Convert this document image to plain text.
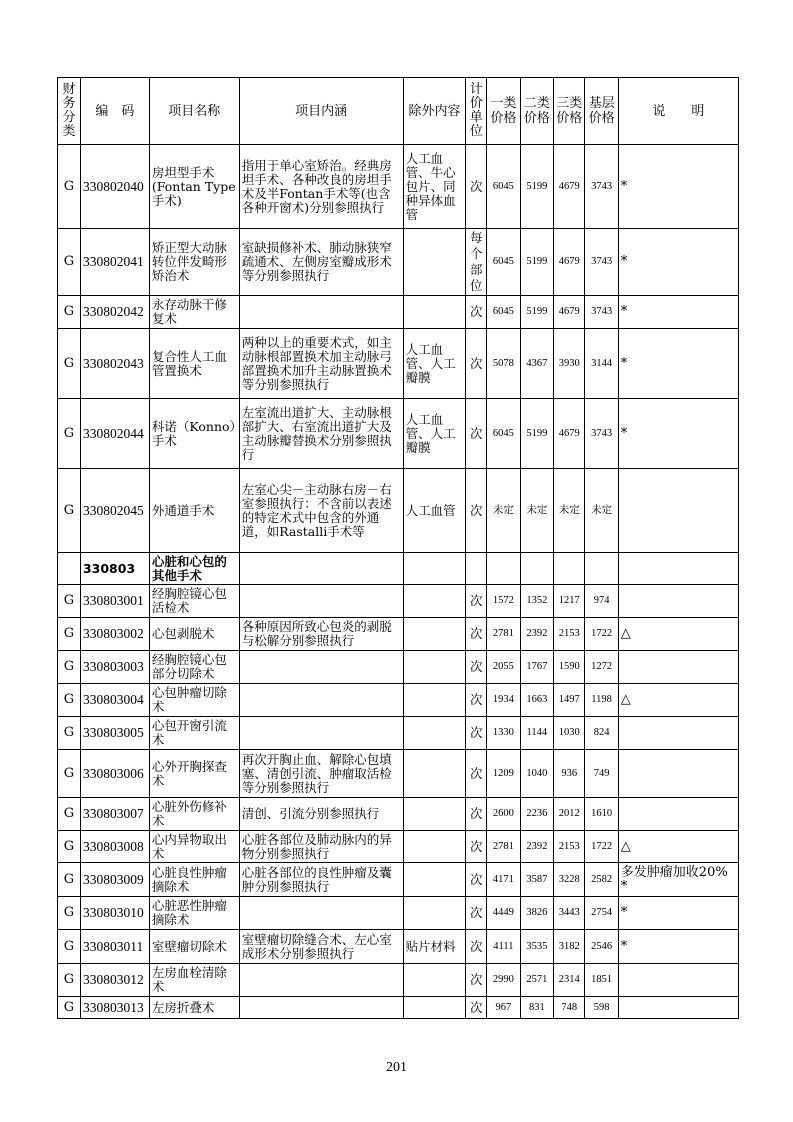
财务分类	编　码	项目名称	项目内涵	除外内容	计价单位	一类价格	二类价格	三类价格	基层价格	说　　明
G	330802040	房坦型手术(Fontan Type手术)	指用于单心室矫治。经典房坦手术、各种改良的房坦手术及半Fontan手术等(也含各种开窗术)分别参照执行	人工血管、牛心包片、同种异体血管	次	6045	5199	4679	3743	*
G	330802041	矫正型大动脉转位伴发畸形矫治术	室缺损修补术、肺动脉狭窄疏通术、左侧房室瓣成形术等分别参照执行		每个部位	6045	5199	4679	3743	*
G	330802042	永存动脉干修复术			次	6045	5199	4679	3743	*
G	330802043	复合性人工血管置换术	两种以上的重要术式，如主动脉根部置换术加主动脉弓部置换术加升主动脉置换术等分别参照执行	人工血管、人工瓣膜	次	5078	4367	3930	3144	*
G	330802044	科诺（Konno）手术	左室流出道扩大、主动脉根部扩大、右室流出道扩大及主动脉瓣替换术分别参照执行	人工血管、人工瓣膜	次	6045	5199	4679	3743	*
G	330802045	外通道手术	左室心尖－主动脉右房－右室参照执行：不含前以表述的特定术式中包含的外通道，如Rastalli手术等	人工血管	次	未定	未定	未定	未定	
	330803	心脏和心包的其他手术								
G	330803001	经胸腔镜心包活检术			次	1572	1352	1217	974	
G	330803002	心包剥脱术	各种原因所致心包炎的剥脱与松解分别参照执行		次	2781	2392	2153	1722	△
G	330803003	经胸腔镜心包部分切除术			次	2055	1767	1590	1272	
G	330803004	心包肿瘤切除术			次	1934	1663	1497	1198	△
G	330803005	心包开窗引流术			次	1330	1144	1030	824	
G	330803006	心外开胸探查术	再次开胸止血、解除心包填塞、清创引流、肿瘤取活检等分别参照执行		次	1209	1040	936	749	
G	330803007	心脏外伤修补术	清创、引流分别参照执行		次	2600	2236	2012	1610	
G	330803008	心内异物取出术	心脏各部位及肺动脉内的异物分别参照执行		次	2781	2392	2153	1722	△
G	330803009	心脏良性肿瘤摘除术	心脏各部位的良性肿瘤及囊肿分别参照执行		次	4171	3587	3228	2582	多发肿瘤加收20% *
G	330803010	心脏恶性肿瘤摘除术			次	4449	3826	3443	2754	*
G	330803011	室壁瘤切除术	室壁瘤切除缝合术、左心室成形术分别参照执行	贴片材料	次	4111	3535	3182	2546	*
G	330803012	左房血栓清除术			次	2990	2571	2314	1851	
G	330803013	左房折叠术			次	967	831	748	598	
201
